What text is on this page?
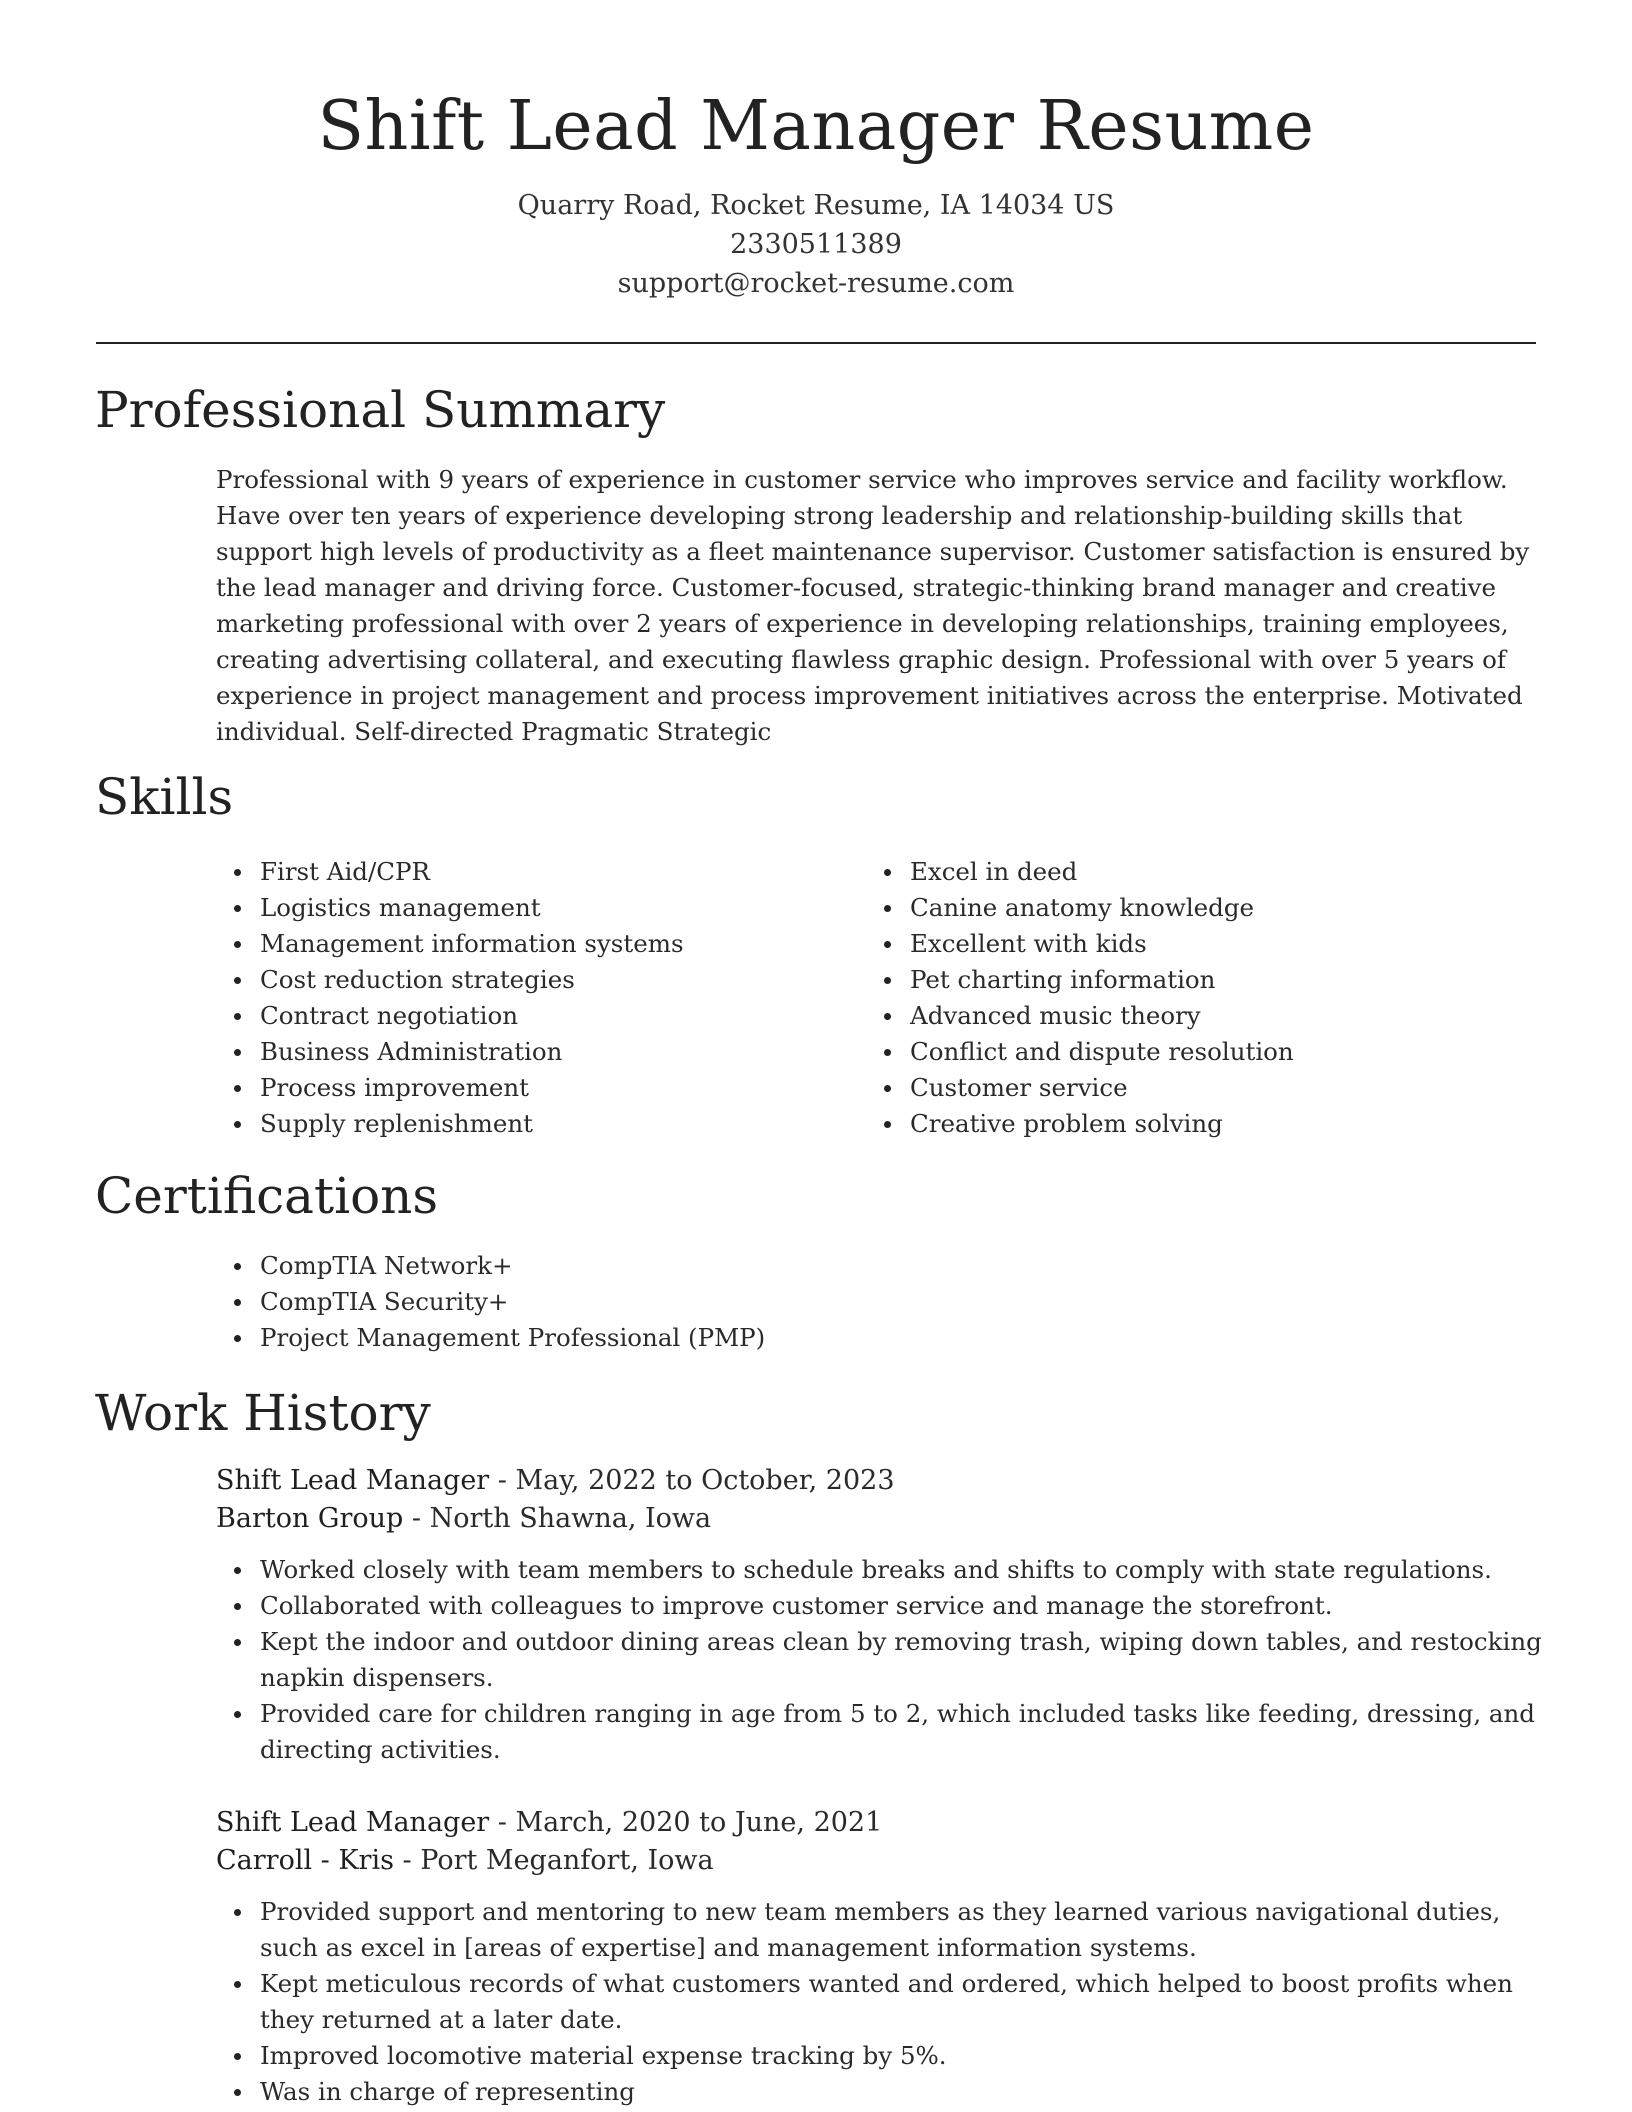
Shift Lead Manager Resume
Quarry Road, Rocket Resume, IA 14034 US
2330511389
support@rocket-resume.com
Professional Summary

Professional with 9 years of experience in customer service who improves service and facility workflow. Have over ten years of experience developing strong leadership and relationship-building skills that support high levels of productivity as a fleet maintenance supervisor. Customer satisfaction is ensured by the lead manager and driving force. Customer-focused, strategic-thinking brand manager and creative marketing professional with over 2 years of experience in developing relationships, training employees, creating advertising collateral, and executing flawless graphic design. Professional with over 5 years of experience in project management and process improvement initiatives across the enterprise. Motivated individual. Self-directed Pragmatic Strategic

Skills
First Aid/CPR
Logistics management
Management information systems
Cost reduction strategies
Contract negotiation
Business Administration
Process improvement
Supply replenishment
Excel in deed
Canine anatomy knowledge
Excellent with kids
Pet charting information
Advanced music theory
Conflict and dispute resolution
Customer service
Creative problem solving
Certifications
CompTIA Network+
CompTIA Security+
Project Management Professional (PMP)
Work History
Shift Lead Manager - May, 2022 to October, 2023
Barton Group - North Shawna, Iowa
Worked closely with team members to schedule breaks and shifts to comply with state regulations.
Collaborated with colleagues to improve customer service and manage the storefront.
Kept the indoor and outdoor dining areas clean by removing trash, wiping down tables, and restocking napkin dispensers.
Provided care for children ranging in age from 5 to 2, which included tasks like feeding, dressing, and directing activities.
Shift Lead Manager - March, 2020 to June, 2021
Carroll - Kris - Port Meganfort, Iowa
Provided support and mentoring to new team members as they learned various navigational duties, such as excel in [areas of expertise] and management information systems.
Kept meticulous records of what customers wanted and ordered, which helped to boost profits when they returned at a later date.
Improved locomotive material expense tracking by 5%.
Was in charge of representing
